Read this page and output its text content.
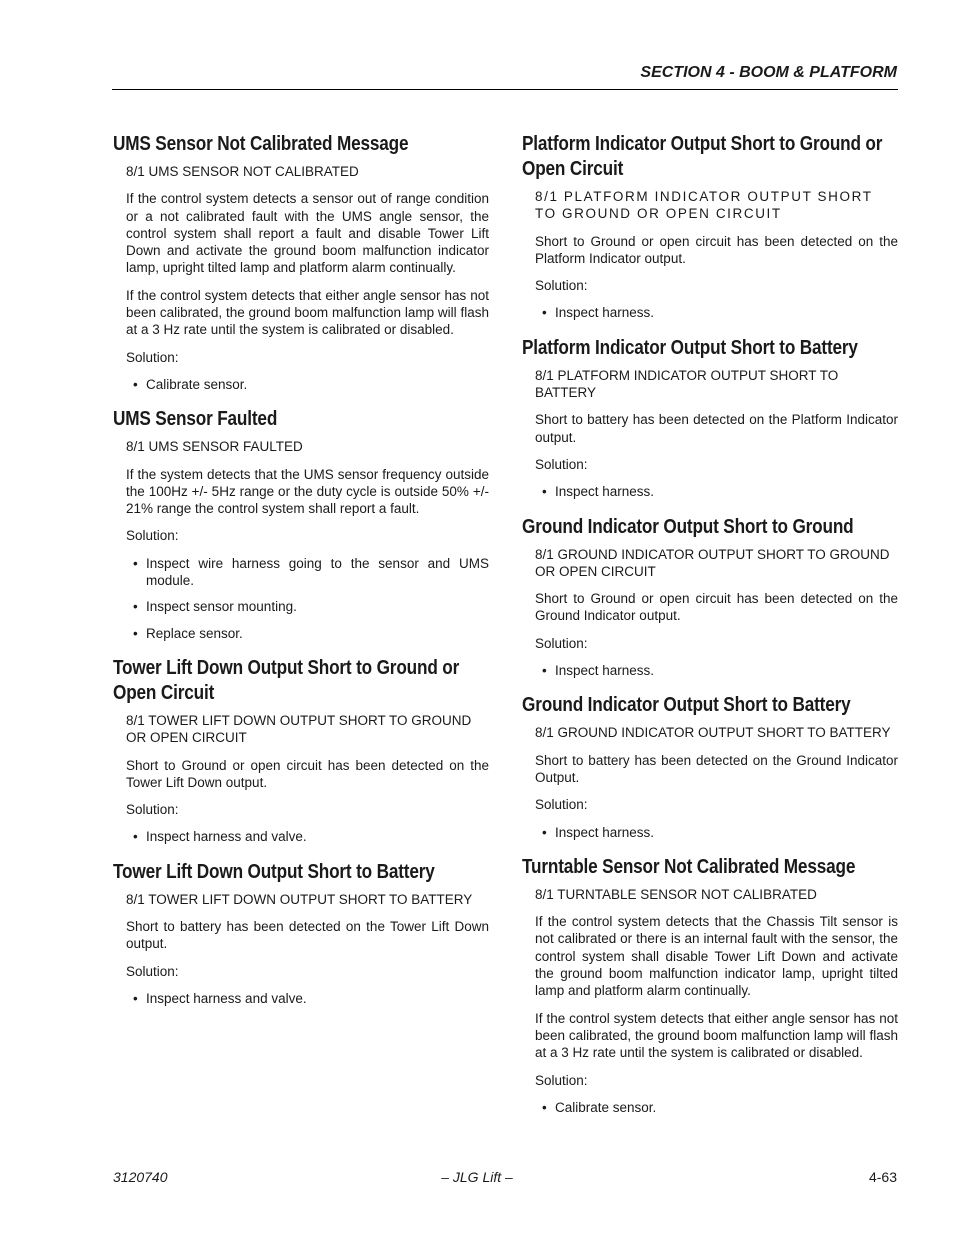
SECTION 4 - BOOM & PLATFORM
UMS Sensor Not Calibrated Message
8/1 UMS SENSOR NOT CALIBRATED
If the control system detects a sensor out of range condition or a not calibrated fault with the UMS angle sensor, the control system shall report a fault and disable Tower Lift Down and activate the ground boom malfunction indicator lamp, upright tilted lamp and platform alarm continually.
If the control system detects that either angle sensor has not been calibrated, the ground boom malfunction lamp will flash at a 3 Hz rate until the system is calibrated or disabled.
Solution:
• Calibrate sensor.
UMS Sensor Faulted
8/1 UMS SENSOR FAULTED
If the system detects that the UMS sensor frequency outside the 100Hz +/- 5Hz range or the duty cycle is outside 50% +/- 21% range the control system shall report a fault.
Solution:
• Inspect wire harness going to the sensor and UMS module.
• Inspect sensor mounting.
• Replace sensor.
Tower Lift Down Output Short to Ground or Open Circuit
8/1 TOWER LIFT DOWN OUTPUT SHORT TO GROUND OR OPEN CIRCUIT
Short to Ground or open circuit has been detected on the Tower Lift Down output.
Solution:
• Inspect harness and valve.
Tower Lift Down Output Short to Battery
8/1 TOWER LIFT DOWN OUTPUT SHORT TO BATTERY
Short to battery has been detected on the Tower Lift Down output.
Solution:
• Inspect harness and valve.
Platform Indicator Output Short to Ground or Open Circuit
8/1 PLATFORM INDICATOR OUTPUT SHORT TO GROUND OR OPEN CIRCUIT
Short to Ground or open circuit has been detected on the Platform Indicator output.
Solution:
• Inspect harness.
Platform Indicator Output Short to Battery
8/1 PLATFORM INDICATOR OUTPUT SHORT TO BATTERY
Short to battery has been detected on the Platform Indicator output.
Solution:
• Inspect harness.
Ground Indicator Output Short to Ground
8/1 GROUND INDICATOR OUTPUT SHORT TO GROUND OR OPEN CIRCUIT
Short to Ground or open circuit has been detected on the Ground Indicator output.
Solution:
• Inspect harness.
Ground Indicator Output Short to Battery
8/1 GROUND INDICATOR OUTPUT SHORT TO BATTERY
Short to battery has been detected on the Ground Indicator Output.
Solution:
• Inspect harness.
Turntable Sensor Not Calibrated Message
8/1 TURNTABLE SENSOR NOT CALIBRATED
If the control system detects that the Chassis Tilt sensor is not calibrated or there is an internal fault with the sensor, the control system shall disable Tower Lift Down and activate the ground boom malfunction indicator lamp, upright tilted lamp and platform alarm continually.
If the control system detects that either angle sensor has not been calibrated, the ground boom malfunction lamp will flash at a 3 Hz rate until the system is calibrated or disabled.
Solution:
• Calibrate sensor.
3120740	– JLG Lift –	4-63
